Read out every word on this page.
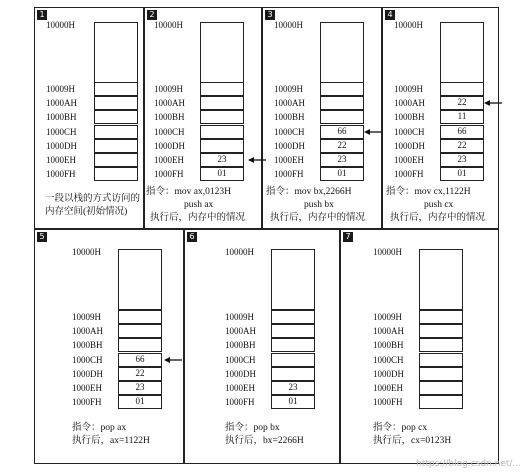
1	2	3	4
5	6	7
10000H
10009H
1000AH
1000BH
1000CH
1000DH
1000EH
1000FH
一段以栈的方式访问的
内存空间(初始情况)
10000H
10009H
1000AH
1000BH
1000CH
1000DH
1000EH	23
1000FH	01
指令：mov ax,0123H
push ax
执行后，内存中的情况
10000H
10009H
1000AH
1000BH
1000CH	66
1000DH	22
1000EH	23
1000FH	01
指令：mov bx,2266H
push bx
执行后，内存中的情况
10000H
10009H
1000AH	22
1000BH	11
1000CH	66
1000DH	22
1000EH	23
1000FH	01
指令：mov cx,1122H
push cx
执行后，内存中的情况
10000H
10009H
1000AH
1000BH
1000CH	66
1000DH	22
1000EH	23
1000FH	01
指令：pop ax
执行后，ax=1122H
10000H
10009H
1000AH
1000BH
1000CH
1000DH
1000EH	23
1000FH	01
指令：pop bx
执行后，bx=2266H
10000H
10009H
1000AH
1000BH
1000CH
1000DH
1000EH
1000FH
指令：pop cx
执行后，cx=0123H
https://blog.csdn.net/...
